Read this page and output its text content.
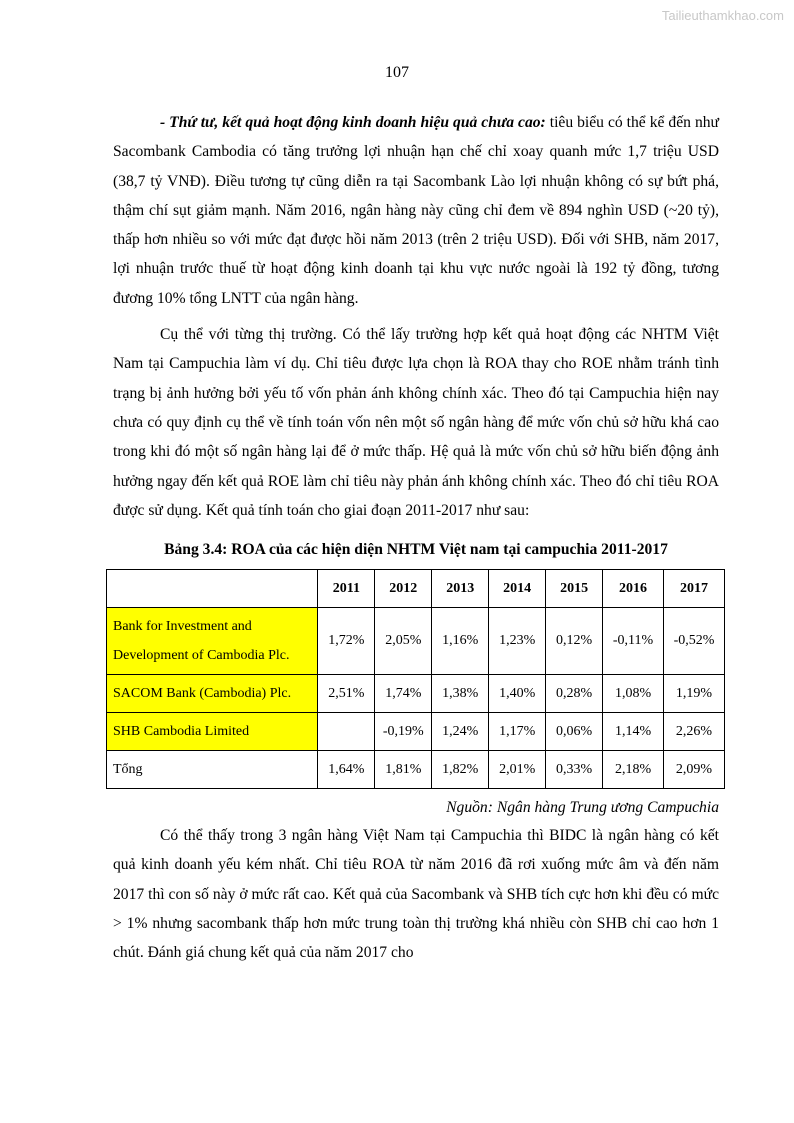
Tailieuthamkhao.com
107

- Thứ tư, kết quả hoạt động kinh doanh hiệu quả chưa cao: tiêu biểu có thể kể đến như Sacombank Cambodia có tăng trưởng lợi nhuận hạn chế chỉ xoay quanh mức 1,7 triệu USD (38,7 tỷ VNĐ). Điều tương tự cũng diễn ra tại Sacombank Lào lợi nhuận không có sự bứt phá, thậm chí sụt giảm mạnh. Năm 2016, ngân hàng này cũng chỉ đem về 894 nghìn USD (~20 tỷ), thấp hơn nhiều so với mức đạt được hồi năm 2013 (trên 2 triệu USD). Đối với SHB, năm 2017, lợi nhuận trước thuế từ hoạt động kinh doanh tại khu vực nước ngoài là 192 tỷ đồng, tương đương 10% tổng LNTT của ngân hàng.

Cụ thể với từng thị trường. Có thể lấy trường hợp kết quả hoạt động các NHTM Việt Nam tại Campuchia làm ví dụ. Chỉ tiêu được lựa chọn là ROA thay cho ROE nhằm tránh tình trạng bị ảnh hưởng bởi yếu tố vốn phản ánh không chính xác. Theo đó tại Campuchia hiện nay chưa có quy định cụ thể về tính toán vốn nên một số ngân hàng để mức vốn chủ sở hữu khá cao trong khi đó một số ngân hàng lại để ở mức thấp. Hệ quả là mức vốn chủ sở hữu biến động ảnh hưởng ngay đến kết quả ROE làm chỉ tiêu này phản ánh không chính xác. Theo đó chỉ tiêu ROA được sử dụng. Kết quả tính toán cho giai đoạn 2011-2017 như sau:

Bảng 3.4: ROA của các hiện diện NHTM Việt nam tại campuchia 2011-2017
	2011	2012	2013	2014	2015	2016	2017
Bank for Investment and
Development of Cambodia Plc.	1,72%	2,05%	1,16%	1,23%	0,12%	-0,11%	-0,52%
SACOM Bank (Cambodia) Plc.	2,51%	1,74%	1,38%	1,40%	0,28%	1,08%	1,19%
SHB Cambodia Limited		-0,19%	1,24%	1,17%	0,06%	1,14%	2,26%
Tổng	1,64%	1,81%	1,82%	2,01%	0,33%	2,18%	2,09%
Nguồn: Ngân hàng Trung ương Campuchia

Có thể thấy trong 3 ngân hàng Việt Nam tại Campuchia thì BIDC là ngân hàng có kết quả kinh doanh yếu kém nhất. Chỉ tiêu ROA từ năm 2016 đã rơi xuống mức âm và đến năm 2017 thì con số này ở mức rất cao. Kết quả của Sacombank và SHB tích cực hơn khi đều có mức > 1% nhưng sacombank thấp hơn mức trung toàn thị trường khá nhiều còn SHB chỉ cao hơn 1 chút. Đánh giá chung kết quả của năm 2017 cho
